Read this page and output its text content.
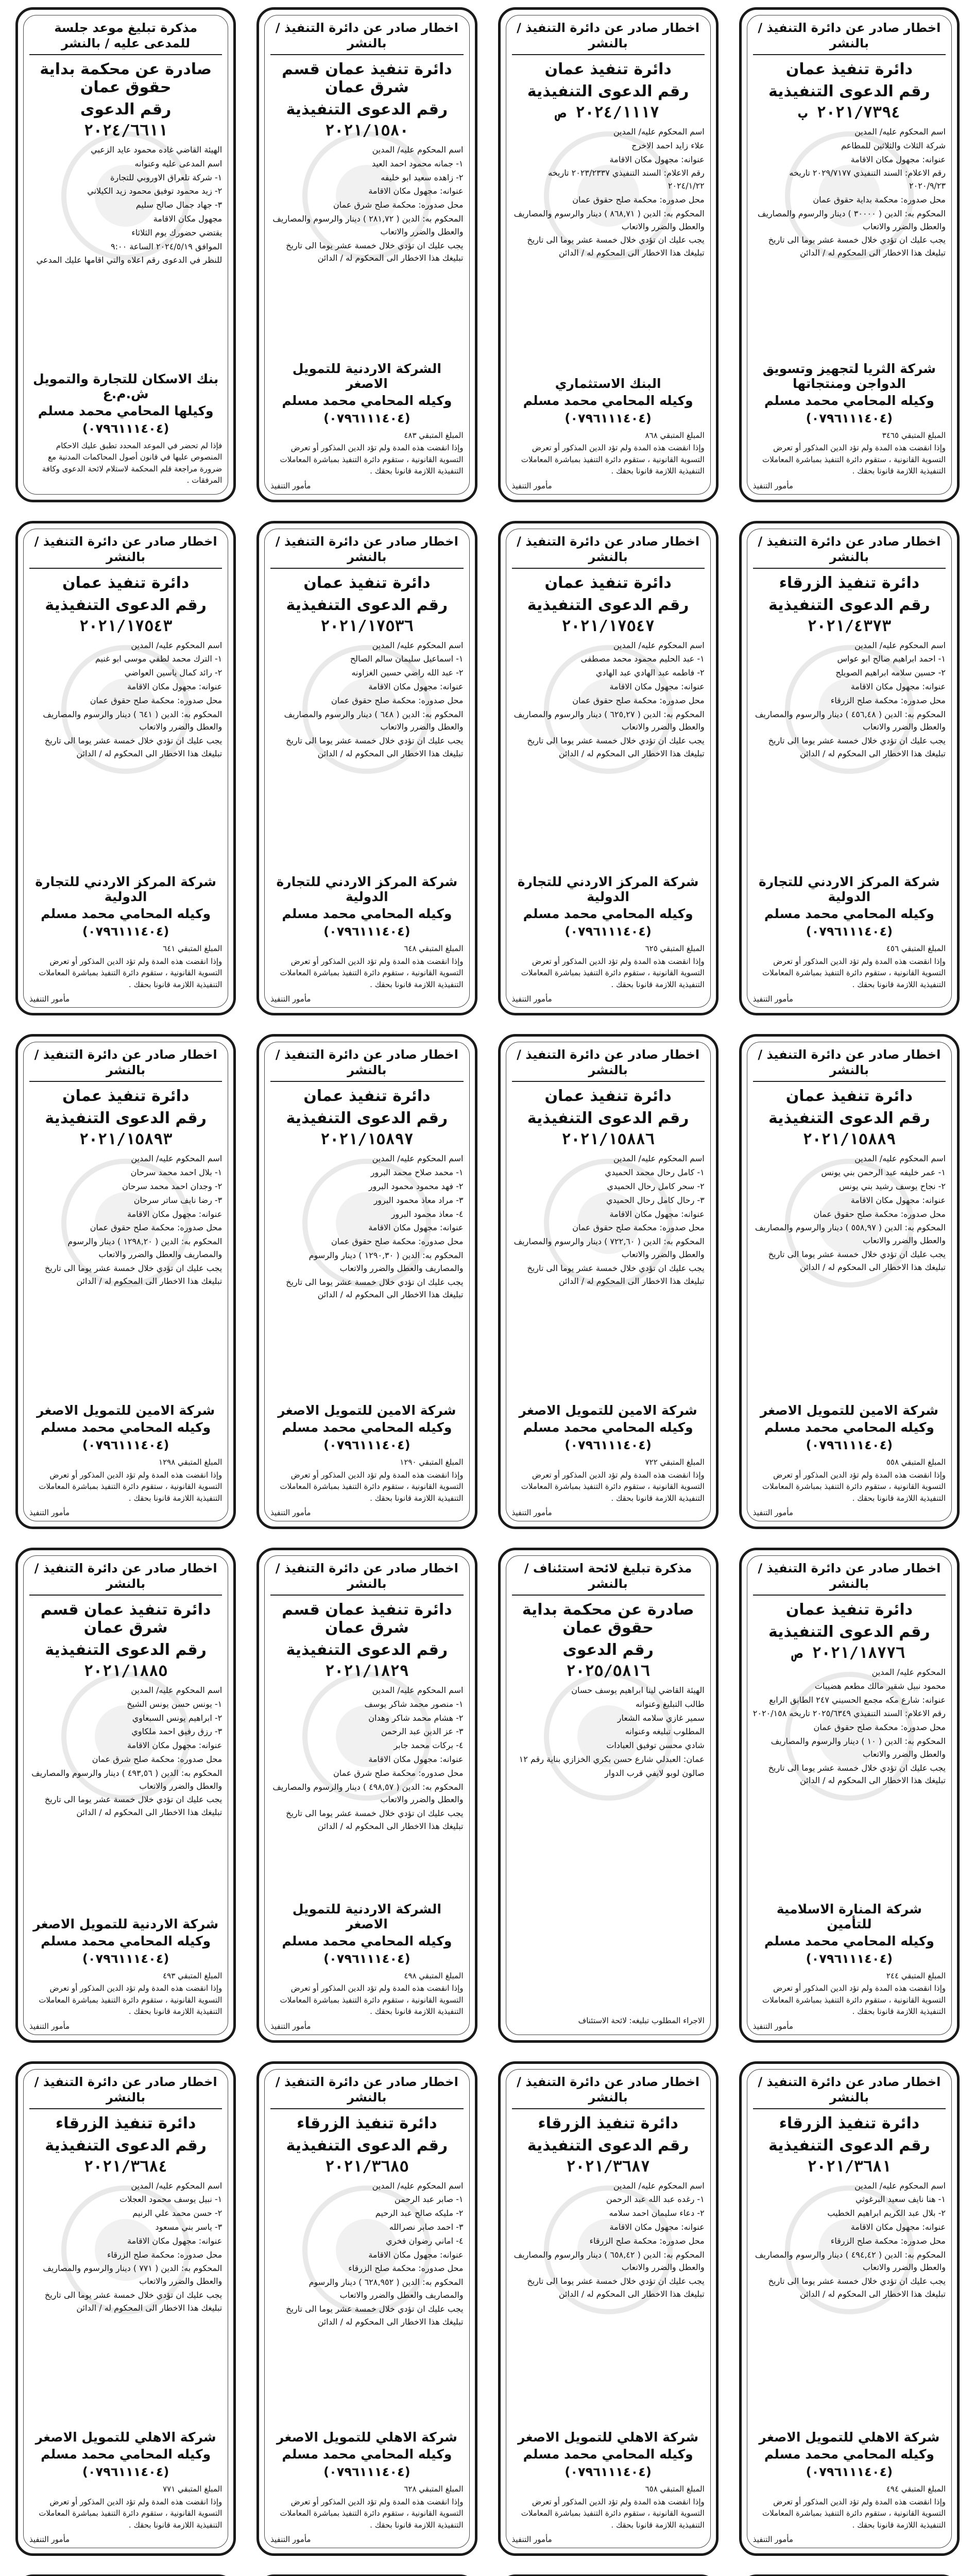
اخطار صادر عن دائرة التنفيذ / بالنشر
دائرة تنفيذ عمان
رقم الدعوى التنفيذية
٢٠٢١/٧٣٩٤ ب

اسم المحكوم عليه/ المدين

شركة الثلاث والثلاثين للمطاعم

عنوانه: مجهول مكان الاقامة

رقم الاعلام: السند التنفيذي ٢٠٢٩/٧١٧٧ تاريخه ٢٠٢٠/٩/٢٣

محل صدوره: محكمة بداية حقوق عمان

المحكوم به: الدين ( ٣٠٠٠٠ ) دينار والرسوم والمصاريف والعطل والضرر والاتعاب

يجب عليك ان تؤدي خلال خمسة عشر يوما الى تاريخ تبليغك هذا الاخطار الى المحكوم له / الدائن

شركة الثريا لتجهيز وتسويق الدواجن ومنتجاتها
وكيله المحامي محمد مسلم
(٠٧٩٦١١١٤٠٤)

المبلغ المتبقي ٣٤٦٥

وإذا انقضت هذه المدة ولم تؤد الدين المذكور أو تعرض التسوية القانونية ، ستقوم دائرة التنفيذ بمباشرة المعاملات التنفيذية اللازمة قانونا بحقك .

مأمور التنفيذ
اخطار صادر عن دائرة التنفيذ / بالنشر
دائرة تنفيذ عمان
رقم الدعوى التنفيذية
٢٠٢٤/١١١٧ ص

اسم المحكوم عليه/ المدين

علاء زايد احمد الاخرج

عنوانه: مجهول مكان الاقامة

رقم الاعلام: السند التنفيذي ٢٠٢٣/٢٣٣٧ تاريخه ٢٠٢٤/١/٢٢

محل صدوره: محكمة صلح حقوق عمان

المحكوم به: الدين ( ٨٦٨,٧١ ) دينار والرسوم والمصاريف والعطل والضرر والاتعاب

يجب عليك ان تؤدي خلال خمسة عشر يوما الى تاريخ تبليغك هذا الاخطار الى المحكوم له / الدائن

البنك الاستثماري
وكيله المحامي محمد مسلم
(٠٧٩٦١١١٤٠٤)

المبلغ المتبقي ٨٦٨

وإذا انقضت هذه المدة ولم تؤد الدين المذكور أو تعرض التسوية القانونية ، ستقوم دائرة التنفيذ بمباشرة المعاملات التنفيذية اللازمة قانونا بحقك .

مأمور التنفيذ
اخطار صادر عن دائرة التنفيذ / بالنشر
دائرة تنفيذ عمان قسم شرق عمان
رقم الدعوى التنفيذية
٢٠٢١/١٥٨٠

اسم المحكوم عليه/ المدين

١- جمانه محمود احمد العيد

٢- زاهده سعيد ابو خليفه

عنوانه: مجهول مكان الاقامة

محل صدوره: محكمة صلح شرق عمان

المحكوم به: الدين ( ٢٨١,٧٢ ) دينار والرسوم والمصاريف والعطل والضرر والاتعاب

يجب عليك ان تؤدي خلال خمسة عشر يوما الى تاريخ تبليغك هذا الاخطار الى المحكوم له / الدائن

الشركة الاردنية للتمويل الاصغر
وكيله المحامي محمد مسلم
(٠٧٩٦١١١٤٠٤)

المبلغ المتبقي ٤٨٣

وإذا انقضت هذه المدة ولم تؤد الدين المذكور أو تعرض التسوية القانونية ، ستقوم دائرة التنفيذ بمباشرة المعاملات التنفيذية اللازمة قانونا بحقك .

مأمور التنفيذ
مذكرة تبليغ موعد جلسة للمدعى عليه / بالنشر
صادرة عن محكمة بداية حقوق عمان
رقم الدعوى
٢٠٢٤/٦٦١١

الهيئة القاضي غاده محمود عايد الزعبي

اسم المدعى عليه وعنوانه

١- شركة تلعراق الاوروبي للتجارة

٢- زيد محمود توفيق محمود زيد الكيلاني

٣- جهاد جمال صالح سليم

مجهول مكان الاقامة

يقتضي حضورك يوم الثلاثاء

الموافق ٢٠٢٤/٥/١٩ الساعة ٩:٠٠

للنظر في الدعوى رقم اعلاه والتي اقامها عليك المدعي

بنك الاسكان للتجارة والتمويل ش.م.ع
وكيلها المحامي محمد مسلم
(٠٧٩٦١١١٤٠٤)

فإذا لم تحضر في الموعد المحدد تطبق عليك الاحكام المنصوص عليها في قانون أصول المحاكمات المدنية مع ضرورة مراجعة قلم المحكمة لاستلام لائحة الدعوى وكافة المرفقات .

اخطار صادر عن دائرة التنفيذ / بالنشر
دائرة تنفيذ الزرقاء
رقم الدعوى التنفيذية
٢٠٢١/٤٣٧٣

اسم المحكوم عليه/ المدين

١- احمد ابراهيم صالح ابو عواس

٢- حسين سلامه ابراهيم الصويلح

عنوانه: مجهول مكان الاقامة

محل صدوره: محكمة صلح الزرقاء

المحكوم به: الدين ( ٤٥٦,٤٨ ) دينار والرسوم والمصاريف والعطل والضرر والاتعاب

يجب عليك ان تؤدي خلال خمسة عشر يوما الى تاريخ تبليغك هذا الاخطار الى المحكوم له / الدائن

شركة المركز الاردني للتجارة الدولية
وكيله المحامي محمد مسلم
(٠٧٩٦١١١٤٠٤)

المبلغ المتبقي ٤٥٦

وإذا انقضت هذه المدة ولم تؤد الدين المذكور أو تعرض التسوية القانونية ، ستقوم دائرة التنفيذ بمباشرة المعاملات التنفيذية اللازمة قانونا بحقك .

مأمور التنفيذ
اخطار صادر عن دائرة التنفيذ / بالنشر
دائرة تنفيذ عمان
رقم الدعوى التنفيذية
٢٠٢١/١٧٥٤٧

اسم المحكوم عليه/ المدين

١- عبد الحليم محمود محمد مصطفى

٢- فاطمه عبد الهادي عبد الهادي

عنوانه: مجهول مكان الاقامة

محل صدوره: محكمة صلح حقوق عمان

المحكوم به: الدين ( ٦٢٥,٢٧ ) دينار والرسوم والمصاريف والعطل والضرر والاتعاب

يجب عليك ان تؤدي خلال خمسة عشر يوما الى تاريخ تبليغك هذا الاخطار الى المحكوم له / الدائن

شركة المركز الاردني للتجارة الدولية
وكيله المحامي محمد مسلم
(٠٧٩٦١١١٤٠٤)

المبلغ المتبقي ٦٢٥

وإذا انقضت هذه المدة ولم تؤد الدين المذكور أو تعرض التسوية القانونية ، ستقوم دائرة التنفيذ بمباشرة المعاملات التنفيذية اللازمة قانونا بحقك .

مأمور التنفيذ
اخطار صادر عن دائرة التنفيذ / بالنشر
دائرة تنفيذ عمان
رقم الدعوى التنفيذية
٢٠٢١/١٧٥٣٦

اسم المحكوم عليه/ المدين

١- اسماعيل سليمان سالم الصالح

٢- عبد الله راضي حسين الغزاونه

عنوانه: مجهول مكان الاقامة

محل صدوره: محكمة صلح حقوق عمان

المحكوم به: الدين ( ٦٤٨ ) دينار والرسوم والمصاريف والعطل والضرر والاتعاب

يجب عليك ان تؤدي خلال خمسة عشر يوما الى تاريخ تبليغك هذا الاخطار الى المحكوم له / الدائن

شركة المركز الاردني للتجارة الدولية
وكيله المحامي محمد مسلم
(٠٧٩٦١١١٤٠٤)

المبلغ المتبقي ٦٤٨

وإذا انقضت هذه المدة ولم تؤد الدين المذكور أو تعرض التسوية القانونية ، ستقوم دائرة التنفيذ بمباشرة المعاملات التنفيذية اللازمة قانونا بحقك .

مأمور التنفيذ
اخطار صادر عن دائرة التنفيذ / بالنشر
دائرة تنفيذ عمان
رقم الدعوى التنفيذية
٢٠٢١/١٧٥٤٣

اسم المحكوم عليه/ المدين

١- الترك محمد لطفي موسى ابو غنيم

٢- رائد كمال ياسين العواضي

عنوانه: مجهول مكان الاقامة

محل صدوره: محكمة صلح حقوق عمان

المحكوم به: الدين ( ٦٤١ ) دينار والرسوم والمصاريف والعطل والضرر والاتعاب

يجب عليك ان تؤدي خلال خمسة عشر يوما الى تاريخ تبليغك هذا الاخطار الى المحكوم له / الدائن

شركة المركز الاردني للتجارة الدولية
وكيله المحامي محمد مسلم
(٠٧٩٦١١١٤٠٤)

المبلغ المتبقي ٦٤١

وإذا انقضت هذه المدة ولم تؤد الدين المذكور أو تعرض التسوية القانونية ، ستقوم دائرة التنفيذ بمباشرة المعاملات التنفيذية اللازمة قانونا بحقك .

مأمور التنفيذ
اخطار صادر عن دائرة التنفيذ / بالنشر
دائرة تنفيذ عمان
رقم الدعوى التنفيذية
٢٠٢١/١٥٨٨٩

اسم المحكوم عليه/ المدين

١- عمر خليفه عبد الرحمن بني يونس

٢- نجاح يوسف رشيد بني يونس

عنوانه: مجهول مكان الاقامة

محل صدوره: محكمة صلح حقوق عمان

المحكوم به: الدين ( ٥٥٨,٩٧ ) دينار والرسوم والمصاريف والعطل والضرر والاتعاب

يجب عليك ان تؤدي خلال خمسة عشر يوما الى تاريخ تبليغك هذا الاخطار الى المحكوم له / الدائن

شركة الامين للتمويل الاصغر
وكيله المحامي محمد مسلم
(٠٧٩٦١١١٤٠٤)

المبلغ المتبقي ٥٥٨

وإذا انقضت هذه المدة ولم تؤد الدين المذكور أو تعرض التسوية القانونية ، ستقوم دائرة التنفيذ بمباشرة المعاملات التنفيذية اللازمة قانونا بحقك .

مأمور التنفيذ
اخطار صادر عن دائرة التنفيذ / بالنشر
دائرة تنفيذ عمان
رقم الدعوى التنفيذية
٢٠٢١/١٥٨٨٦

اسم المحكوم عليه/ المدين

١- كامل رحال محمد الحميدي

٢- سحر كامل رحال الحميدي

٣- رحال كامل رحال الحميدي

عنوانه: مجهول مكان الاقامة

محل صدوره: محكمة صلح حقوق عمان

المحكوم به: الدين ( ٧٢٢,٦٠ ) دينار والرسوم والمصاريف والعطل والضرر والاتعاب

يجب عليك ان تؤدي خلال خمسة عشر يوما الى تاريخ تبليغك هذا الاخطار الى المحكوم له / الدائن

شركة الامين للتمويل الاصغر
وكيله المحامي محمد مسلم
(٠٧٩٦١١١٤٠٤)

المبلغ المتبقي ٧٢٢

وإذا انقضت هذه المدة ولم تؤد الدين المذكور أو تعرض التسوية القانونية ، ستقوم دائرة التنفيذ بمباشرة المعاملات التنفيذية اللازمة قانونا بحقك .

مأمور التنفيذ
اخطار صادر عن دائرة التنفيذ / بالنشر
دائرة تنفيذ عمان
رقم الدعوى التنفيذية
٢٠٢١/١٥٨٩٧

اسم المحكوم عليه/ المدين

١- محمد صلاح محمد البرور

٢- فهد محمود محمود البرور

٣- مراد معاذ محمود البرور

٤- معاذ محمود البرور

عنوانه: مجهول مكان الاقامة

محل صدوره: محكمة صلح حقوق عمان

المحكوم به: الدين ( ١٢٩٠,٣٠ ) دينار والرسوم والمصاريف والعطل والضرر والاتعاب

يجب عليك ان تؤدي خلال خمسة عشر يوما الى تاريخ تبليغك هذا الاخطار الى المحكوم له / الدائن

شركة الامين للتمويل الاصغر
وكيله المحامي محمد مسلم
(٠٧٩٦١١١٤٠٤)

المبلغ المتبقي ١٢٩٠

وإذا انقضت هذه المدة ولم تؤد الدين المذكور أو تعرض التسوية القانونية ، ستقوم دائرة التنفيذ بمباشرة المعاملات التنفيذية اللازمة قانونا بحقك .

مأمور التنفيذ
اخطار صادر عن دائرة التنفيذ / بالنشر
دائرة تنفيذ عمان
رقم الدعوى التنفيذية
٢٠٢١/١٥٨٩٣

اسم المحكوم عليه/ المدين

١- بلال احمد محمد سرحان

٢- وجدان احمد محمد سرحان

٣- رضا نايف ساتر سرحان

عنوانه: مجهول مكان الاقامة

محل صدوره: محكمة صلح حقوق عمان

المحكوم به: الدين ( ١٢٩٨,٢٠ ) دينار والرسوم والمصاريف والعطل والضرر والاتعاب

يجب عليك ان تؤدي خلال خمسة عشر يوما الى تاريخ تبليغك هذا الاخطار الى المحكوم له / الدائن

شركة الامين للتمويل الاصغر
وكيله المحامي محمد مسلم
(٠٧٩٦١١١٤٠٤)

المبلغ المتبقي ١٢٩٨

وإذا انقضت هذه المدة ولم تؤد الدين المذكور أو تعرض التسوية القانونية ، ستقوم دائرة التنفيذ بمباشرة المعاملات التنفيذية اللازمة قانونا بحقك .

مأمور التنفيذ
اخطار صادر عن دائرة التنفيذ / بالنشر
دائرة تنفيذ عمان
رقم الدعوى التنفيذية
٢٠٢١/١٨٧٧٦ ص

المحكوم عليه/ المدين

محمود نبيل شقير مالك مطعم هضيبات

عنوانه: شارع مكه مجمع الحسيني ٢٤٧ الطابق الرابع

رقم الاعلام: السند التنفيذي ٢٠٢٥/٦٣٤٩ تاريخه ٢٠٢٠/١٥٨

محل صدوره: محكمة صلح حقوق عمان

المحكوم به: الدين ( ١٠ ) دينار والرسوم والمصاريف والعطل والضرر والاتعاب

يجب عليك ان تؤدي خلال خمسة عشر يوما الى تاريخ تبليغك هذا الاخطار الى المحكوم له / الدائن

شركة المنارة الاسلامية للتأمين
وكيله المحامي محمد مسلم
(٠٧٩٦١١١٤٠٤)

المبلغ المتبقي ٢٤٤

وإذا انقضت هذه المدة ولم تؤد الدين المذكور أو تعرض التسوية القانونية ، ستقوم دائرة التنفيذ بمباشرة المعاملات التنفيذية اللازمة قانونا بحقك .

مأمور التنفيذ
مذكرة تبليغ لائحة استئناف / بالنشر
صادرة عن محكمة بداية حقوق عمان
رقم الدعوى
٢٠٢٥/٥٨١٦

الهيئة القاضي لينا ابراهيم يوسف حسان

طالب التبليغ وعنوانه

سمير غازي سلامه الشعار

المطلوب تبليغه وعنوانه

شادي محسن توفيق العبادات

عمان: العبدلي شارع حسن بكري الخزازي بناية رقم ١٢

صالون لوبو لايفي قرب الدوار

الاجراء المطلوب تبليغه: لائحة الاستئناف

اخطار صادر عن دائرة التنفيذ / بالنشر
دائرة تنفيذ عمان قسم شرق عمان
رقم الدعوى التنفيذية
٢٠٢١/١٨٢٩

اسم المحكوم عليه/ المدين

١- منصور محمد شاكر يوسف

٢- هشام محمد شاكر وهدان

٣- عز الدين عبد الرحمن

٤- بركات محمد جابر

عنوانه: مجهول مكان الاقامة

محل صدوره: محكمة صلح شرق عمان

المحكوم به: الدين ( ٤٩٨,٥٧ ) دينار والرسوم والمصاريف والعطل والضرر والاتعاب

يجب عليك ان تؤدي خلال خمسة عشر يوما الى تاريخ تبليغك هذا الاخطار الى المحكوم له / الدائن

الشركة الاردنية للتمويل الاصغر
وكيله المحامي محمد مسلم
(٠٧٩٦١١١٤٠٤)

المبلغ المتبقي ٤٩٨

وإذا انقضت هذه المدة ولم تؤد الدين المذكور أو تعرض التسوية القانونية ، ستقوم دائرة التنفيذ بمباشرة المعاملات التنفيذية اللازمة قانونا بحقك .

مأمور التنفيذ
اخطار صادر عن دائرة التنفيذ / بالنشر
دائرة تنفيذ عمان قسم شرق عمان
رقم الدعوى التنفيذية
٢٠٢١/١٨٨٥

اسم المحكوم عليه/ المدين

١- يونس حسن يونس الشيخ

٢- ابراهيم يونس السبعاوي

٣- رزق رفيق احمد ملكاوي

عنوانه: مجهول مكان الاقامة

محل صدوره: محكمة صلح شرق عمان

المحكوم به: الدين ( ٤٩٣,٥٦ ) دينار والرسوم والمصاريف والعطل والضرر والاتعاب

يجب عليك ان تؤدي خلال خمسة عشر يوما الى تاريخ تبليغك هذا الاخطار الى المحكوم له / الدائن

شركة الاردنية للتمويل الاصغر
وكيله المحامي محمد مسلم
(٠٧٩٦١١١٤٠٤)

المبلغ المتبقي ٤٩٣

وإذا انقضت هذه المدة ولم تؤد الدين المذكور أو تعرض التسوية القانونية ، ستقوم دائرة التنفيذ بمباشرة المعاملات التنفيذية اللازمة قانونا بحقك .

مأمور التنفيذ
اخطار صادر عن دائرة التنفيذ / بالنشر
دائرة تنفيذ الزرقاء
رقم الدعوى التنفيذية
٢٠٢١/٣٦٨١

اسم المحكوم عليه/ المدين

١- هنا نايف سعيد البرغوثي

٢- بلال عبد الكريم ابراهيم الخطيب

عنوانه: مجهول مكان الاقامة

محل صدوره: محكمة صلح الزرقاء

المحكوم به: الدين ( ٤٩٤,٤٢ ) دينار والرسوم والمصاريف والعطل والضرر والاتعاب

يجب عليك ان تؤدي خلال خمسة عشر يوما الى تاريخ تبليغك هذا الاخطار الى المحكوم له / الدائن

شركة الاهلي للتمويل الاصغر
وكيله المحامي محمد مسلم
(٠٧٩٦١١١٤٠٤)

المبلغ المتبقي ٤٩٤

وإذا انقضت هذه المدة ولم تؤد الدين المذكور أو تعرض التسوية القانونية ، ستقوم دائرة التنفيذ بمباشرة المعاملات التنفيذية اللازمة قانونا بحقك .

مأمور التنفيذ
اخطار صادر عن دائرة التنفيذ / بالنشر
دائرة تنفيذ الزرقاء
رقم الدعوى التنفيذية
٢٠٢١/٣٦٨٧

اسم المحكوم عليه/ المدين

١- رغده عبد الله عبد الرحمن

٢- دعاء سليمان احمد سلامه

عنوانه: مجهول مكان الاقامة

محل صدوره: محكمة صلح الزرقاء

المحكوم به: الدين ( ٦٥٨,٤٢ ) دينار والرسوم والمصاريف والعطل والضرر والاتعاب

يجب عليك ان تؤدي خلال خمسة عشر يوما الى تاريخ تبليغك هذا الاخطار الى المحكوم له / الدائن

شركة الاهلي للتمويل الاصغر
وكيله المحامي محمد مسلم
(٠٧٩٦١١١٤٠٤)

المبلغ المتبقي ٦٥٨

وإذا انقضت هذه المدة ولم تؤد الدين المذكور أو تعرض التسوية القانونية ، ستقوم دائرة التنفيذ بمباشرة المعاملات التنفيذية اللازمة قانونا بحقك .

مأمور التنفيذ
اخطار صادر عن دائرة التنفيذ / بالنشر
دائرة تنفيذ الزرقاء
رقم الدعوى التنفيذية
٢٠٢١/٣٦٨٥

اسم المحكوم عليه/ المدين

١- صابر عبد الرحمن

٢- مليكه صالح عبد الرحيم

٣- احمد صابر نصرالله

٤- اماني رضوان فخري

عنوانه: مجهول مكان الاقامة

محل صدوره: محكمة صلح الزرقاء

المحكوم به: الدين ( ٦٢٨,٩٥٢ ) دينار والرسوم والمصاريف والعطل والضرر والاتعاب

يجب عليك ان تؤدي خلال خمسة عشر يوما الى تاريخ تبليغك هذا الاخطار الى المحكوم له / الدائن

شركة الاهلي للتمويل الاصغر
وكيله المحامي محمد مسلم
(٠٧٩٦١١١٤٠٤)

المبلغ المتبقي ٦٢٨

وإذا انقضت هذه المدة ولم تؤد الدين المذكور أو تعرض التسوية القانونية ، ستقوم دائرة التنفيذ بمباشرة المعاملات التنفيذية اللازمة قانونا بحقك .

مأمور التنفيذ
اخطار صادر عن دائرة التنفيذ / بالنشر
دائرة تنفيذ الزرقاء
رقم الدعوى التنفيذية
٢٠٢١/٣٦٨٤

اسم المحكوم عليه/ المدين

١- نبيل يوسف محمود العجلات

٢- حسن محمد علي الرنيم

٣- ياسر بني مسعود

عنوانه: مجهول مكان الاقامة

محل صدوره: محكمة صلح الزرقاء

المحكوم به: الدين ( ٧٧١ ) دينار والرسوم والمصاريف والعطل والضرر والاتعاب

يجب عليك ان تؤدي خلال خمسة عشر يوما الى تاريخ تبليغك هذا الاخطار الى المحكوم له / الدائن

شركة الاهلي للتمويل الاصغر
وكيله المحامي محمد مسلم
(٠٧٩٦١١١٤٠٤)

المبلغ المتبقي ٧٧١

وإذا انقضت هذه المدة ولم تؤد الدين المذكور أو تعرض التسوية القانونية ، ستقوم دائرة التنفيذ بمباشرة المعاملات التنفيذية اللازمة قانونا بحقك .

مأمور التنفيذ
